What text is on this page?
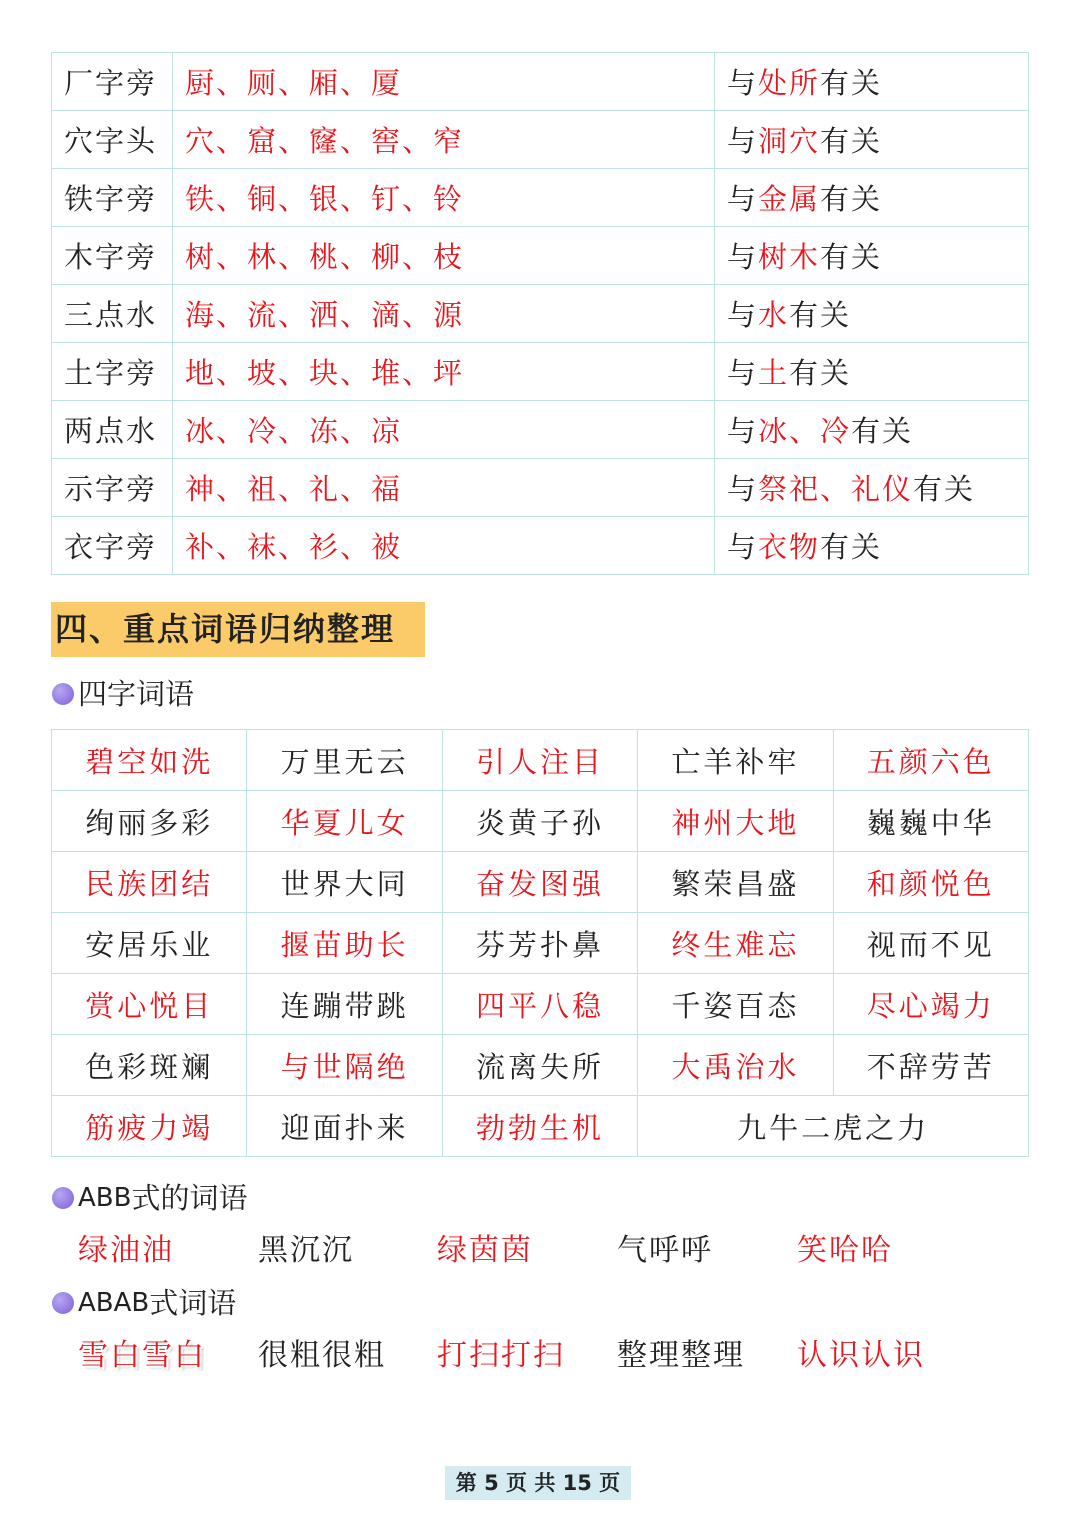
厂字旁	厨、厕、厢、厦	与处所有关
穴字头	穴、窟、窿、窖、窄	与洞穴有关
铁字旁	铁、铜、银、钉、铃	与金属有关
木字旁	树、林、桃、柳、枝	与树木有关
三点水	海、流、洒、滴、源	与水有关
土字旁	地、坡、块、堆、坪	与土有关
两点水	冰、冷、冻、凉	与冰、冷有关
示字旁	神、祖、礼、福	与祭祀、礼仪有关
衣字旁	补、袜、衫、被	与衣物有关
四、重点词语归纳整理
四字词语
碧空如洗	万里无云	引人注目	亡羊补牢	五颜六色
绚丽多彩	华夏儿女	炎黄子孙	神州大地	巍巍中华
民族团结	世界大同	奋发图强	繁荣昌盛	和颜悦色
安居乐业	揠苗助长	芬芳扑鼻	终生难忘	视而不见
赏心悦目	连蹦带跳	四平八稳	千姿百态	尽心竭力
色彩斑斓	与世隔绝	流离失所	大禹治水	不辞劳苦
筋疲力竭	迎面扑来	勃勃生机	九牛二虎之力	
ABB 式的词语
绿油油	黑沉沉	绿茵茵	气呼呼	笑哈哈
ABAB 式词语
雪白雪白 很粗很粗 打扫打扫 整理整理 认识认识
第 5 页 共 15 页
